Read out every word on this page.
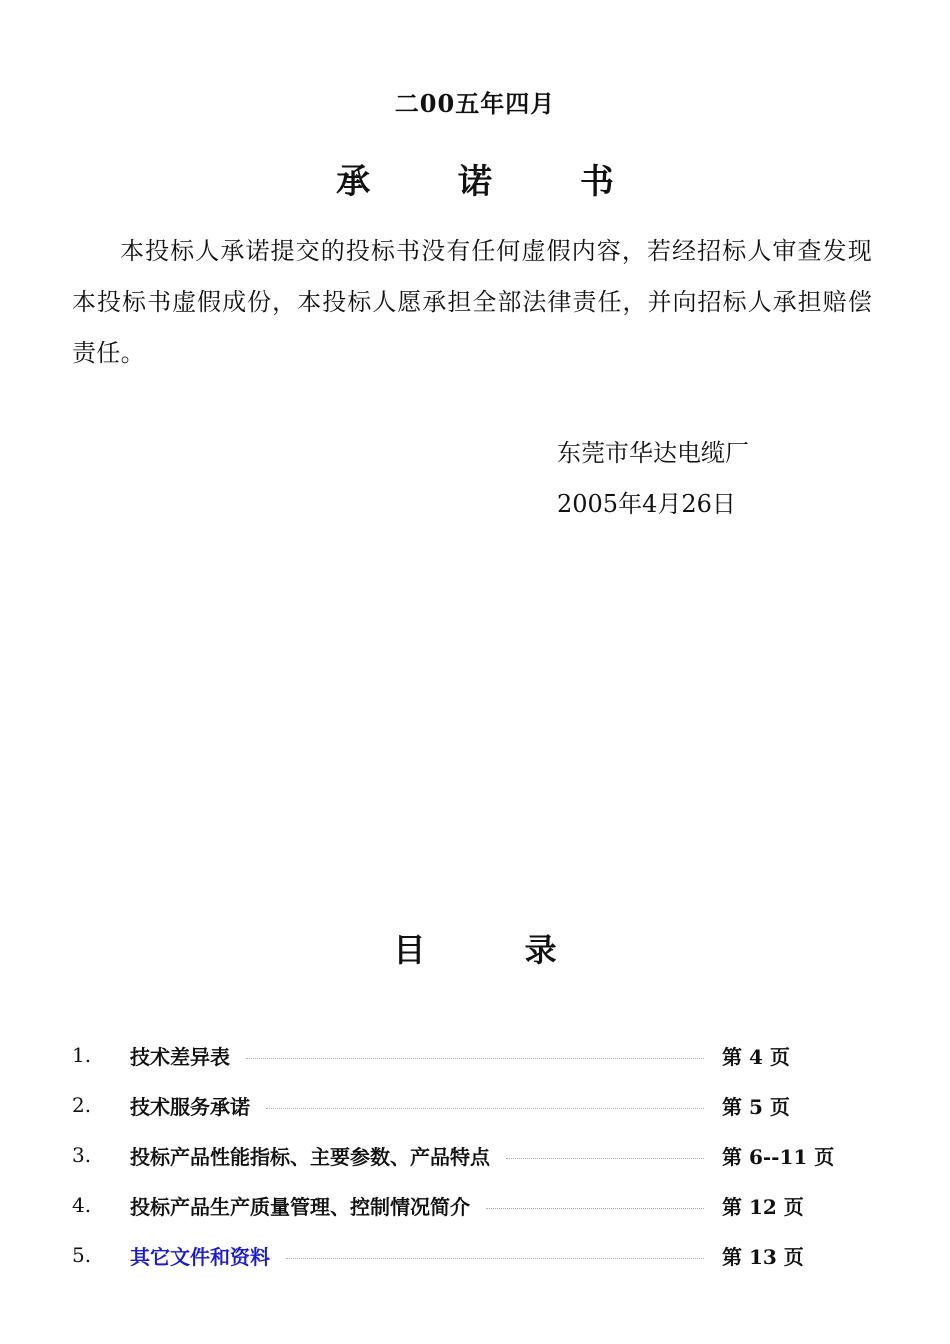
二00五年四月
承 诺 书
本投标人承诺提交的投标书没有任何虚假内容，若经招标人审查发现本投标书虚假成份，本投标人愿承担全部法律责任，并向招标人承担赔偿责任。
东莞市华达电缆厂
2005年4月26日
目 录
1.	技术差异表	第 4 页
2.	技术服务承诺	第 5 页
3.	投标产品性能指标、主要参数、产品特点	第 6--11 页
4.	投标产品生产质量管理、控制情况简介	第 12 页
5.	其它文件和资料	第 13 页
